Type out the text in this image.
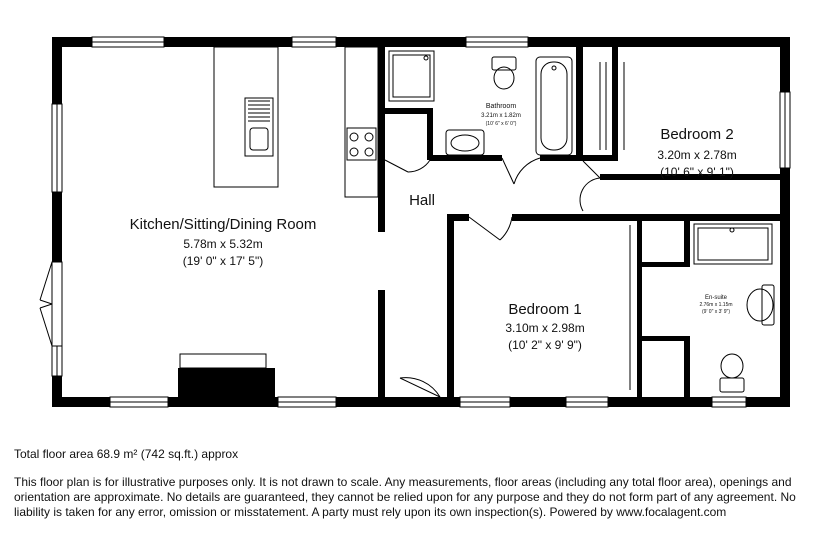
Kitchen/Sitting/Dining Room
5.78m x 5.32m
(19' 0" x 17' 5")
Hall
Bathroom
3.21m x 1.82m
(10' 6" x 6' 0")
Bedroom 2
3.20m x 2.78m
(10' 6" x 9' 1")
Bedroom 1
3.10m x 2.98m
(10' 2" x 9' 9")
En-suite
2.76m x 1.15m
(9' 0" x 3' 9")
Total floor area 68.9 m² (742 sq.ft.) approx
This floor plan is for illustrative purposes only. It is not drawn to scale. Any measurements, floor areas (including any total floor area), openings and orientation are approximate. No details are guaranteed, they cannot be relied upon for any purpose and they do not form part of any agreement. No liability is taken for any error, omission or misstatement. A party must rely upon its own inspection(s). Powered by www.focalagent.com
